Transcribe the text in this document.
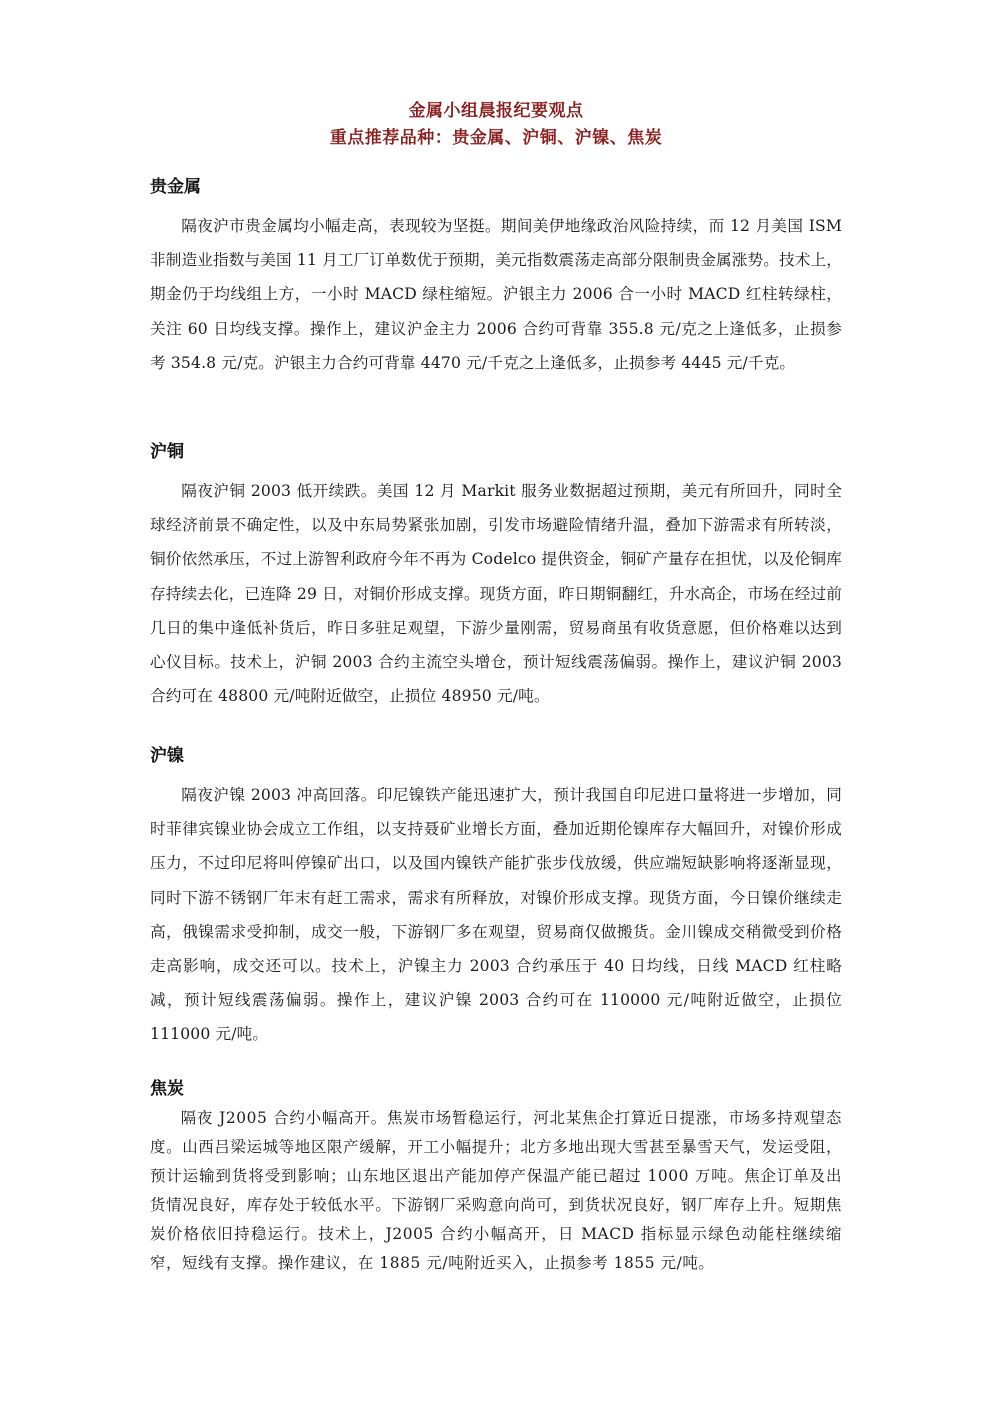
金属小组晨报纪要观点
重点推荐品种：贵金属、沪铜、沪镍、焦炭
贵金属

隔夜沪市贵金属均小幅走高，表现较为坚挺。期间美伊地缘政治风险持续，而 12 月美国 ISM 非制造业指数与美国 11 月工厂订单数优于预期，美元指数震荡走高部分限制贵金属涨势。技术上，期金仍于均线组上方，一小时 MACD 绿柱缩短。沪银主力 2006 合一小时 MACD 红柱转绿柱，关注 60 日均线支撑。操作上，建议沪金主力 2006 合约可背靠 355.8 元/克之上逢低多，止损参考 354.8 元/克。沪银主力合约可背靠 4470 元/千克之上逢低多，止损参考 4445 元/千克。

沪铜

隔夜沪铜 2003 低开续跌。美国 12 月 Markit 服务业数据超过预期，美元有所回升，同时全球经济前景不确定性，以及中东局势紧张加剧，引发市场避险情绪升温，叠加下游需求有所转淡，铜价依然承压，不过上游智利政府今年不再为 Codelco 提供资金，铜矿产量存在担忧，以及伦铜库存持续去化，已连降 29 日，对铜价形成支撑。现货方面，昨日期铜翻红，升水高企，市场在经过前几日的集中逢低补货后，昨日多驻足观望，下游少量刚需，贸易商虽有收货意愿，但价格难以达到心仪目标。技术上，沪铜 2003 合约主流空头增仓，预计短线震荡偏弱。操作上，建议沪铜 2003 合约可在 48800 元/吨附近做空，止损位 48950 元/吨。

沪镍

隔夜沪镍 2003 冲高回落。印尼镍铁产能迅速扩大，预计我国自印尼进口量将进一步增加，同时菲律宾镍业协会成立工作组，以支持聂矿业增长方面，叠加近期伦镍库存大幅回升，对镍价形成压力，不过印尼将叫停镍矿出口，以及国内镍铁产能扩张步伐放缓，供应端短缺影响将逐渐显现，同时下游不锈钢厂年末有赶工需求，需求有所释放，对镍价形成支撑。现货方面，今日镍价继续走高，俄镍需求受抑制，成交一般，下游钢厂多在观望，贸易商仅做搬货。金川镍成交稍微受到价格走高影响，成交还可以。技术上，沪镍主力 2003 合约承压于 40 日均线，日线 MACD 红柱略减，预计短线震荡偏弱。操作上，建议沪镍 2003 合约可在 110000 元/吨附近做空，止损位 111000 元/吨。

焦炭

隔夜 J2005 合约小幅高开。焦炭市场暂稳运行，河北某焦企打算近日提涨，市场多持观望态度。山西吕梁运城等地区限产缓解，开工小幅提升；北方多地出现大雪甚至暴雪天气，发运受阻，预计运输到货将受到影响；山东地区退出产能加停产保温产能已超过 1000 万吨。焦企订单及出货情况良好，库存处于较低水平。下游钢厂采购意向尚可，到货状况良好，钢厂库存上升。短期焦炭价格依旧持稳运行。技术上，J2005 合约小幅高开，日 MACD 指标显示绿色动能柱继续缩窄，短线有支撑。操作建议，在 1885 元/吨附近买入，止损参考 1855 元/吨。
